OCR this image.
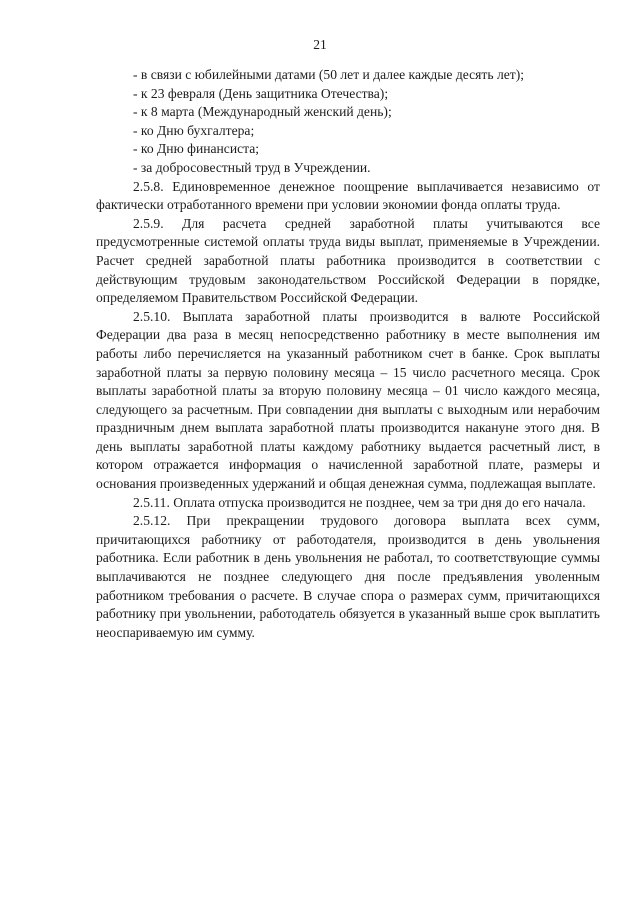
21

- в связи с юбилейными датами (50 лет и далее каждые десять лет);

- к 23 февраля (День защитника Отечества);

- к 8 марта (Международный женский день);

- ко Дню бухгалтера;

- ко Дню финансиста;

- за добросовестный труд в Учреждении.

2.5.8. Единовременное денежное поощрение выплачивается независимо от фактически отработанного времени при условии экономии фонда оплаты труда.

2.5.9. Для расчета средней заработной платы учитываются все предусмотренные системой оплаты труда виды выплат, применяемые в Учреждении. Расчет средней заработной платы работника производится в соответствии с действующим трудовым законодательством Российской Федерации в порядке, определяемом Правительством Российской Федерации.

2.5.10. Выплата заработной платы производится в валюте Российской Федерации два раза в месяц непосредственно работнику в месте выполнения им работы либо перечисляется на указанный работником счет в банке. Срок выплаты заработной платы за первую половину месяца – 15 число расчетного месяца. Срок выплаты заработной платы за вторую половину месяца – 01 число каждого месяца, следующего за расчетным. При совпадении дня выплаты с выходным или нерабочим праздничным днем выплата заработной платы производится накануне этого дня. В день выплаты заработной платы каждому работнику выдается расчетный лист, в котором отражается информация о начисленной заработной плате, размеры и основания произведенных удержаний и общая денежная сумма, подлежащая выплате.

2.5.11. Оплата отпуска производится не позднее, чем за три дня до его начала.

2.5.12. При прекращении трудового договора выплата всех сумм, причитающихся работнику от работодателя, производится в день увольнения работника. Если работник в день увольнения не работал, то соответствующие суммы выплачиваются не позднее следующего дня после предъявления уволенным работником требования о расчете. В случае спора о размерах сумм, причитающихся работнику при увольнении, работодатель обязуется в указанный выше срок выплатить неоспариваемую им сумму.
